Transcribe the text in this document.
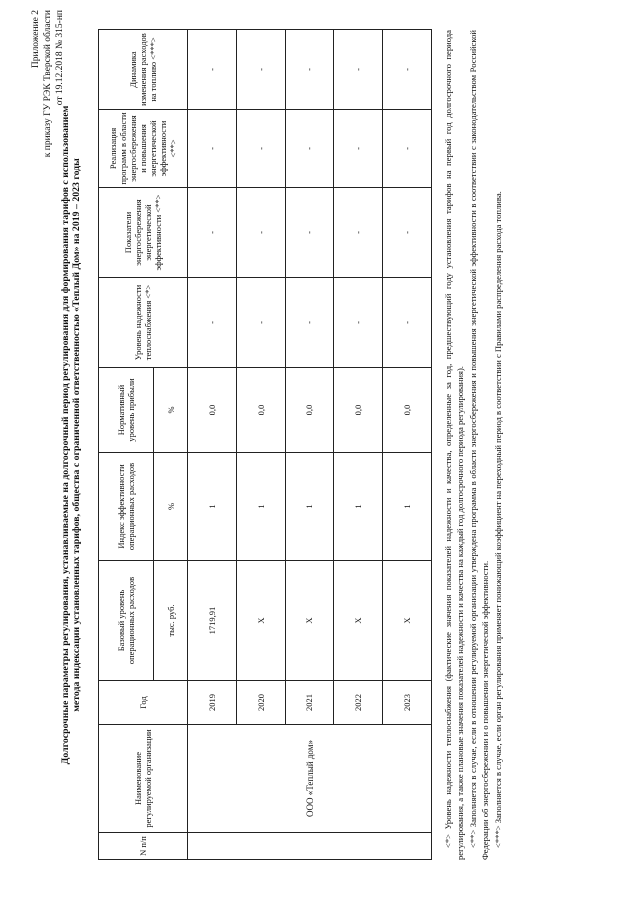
Приложение 2 к приказу ГУ РЭК Тверской области от 19.12.2018 № 315-нп
Долгосрочные параметры регулирования, устанавливаемые на долгосрочный период регулирования для формирования тарифов с использованием метода индексации установленных тарифов, общества с ограниченной ответственностью «Теплый Дом» на 2019 – 2023 годы
N п/п	Наименование регулируемой организации	Год	Базовый уровень операционных расходов	Индекс эффективности операционных расходов	Нормативный уровень прибыли	Уровень надежности теплоснабжения <*>	Показатели энергосбережения энергетической эффективности <**>	Реализация программ в области энергосбережения и повышения энергетической эффективности <**>	Динамика изменения расходов на топливо <***>
			тыс. руб.	%	%				
	ООО «Теплый дом»	2019	1719,91	1	0,0	-	-	-	-
		2020	Х	1	0,0	-	-	-	-
		2021	Х	1	0,0	-	-	-	-
		2022	Х	1	0,0	-	-	-	-
		2023	Х	1	0,0	-	-	-	-	<*> Уровень надежности теплоснабжения (фактические значения показателей надежности и качества, определенные за год, предшествующий году установления тарифов на первый год долгосрочного периода регулирования, а также плановые значения показателей надежности и качества на каждый год долгосрочного периода регулирования). <**> Заполняется в случае, если в отношении регулируемой организации утверждена программа в области энергосбережения и повышения энергетической эффективности в соответствии с законодательством Российской Федерации об энергосбережении и о повышении энергетической эффективности. <***> Заполняется в случае, если орган регулирования применяет понижающий коэффициент на переходный период в соответствии с Правилами распределения расхода топлива.
